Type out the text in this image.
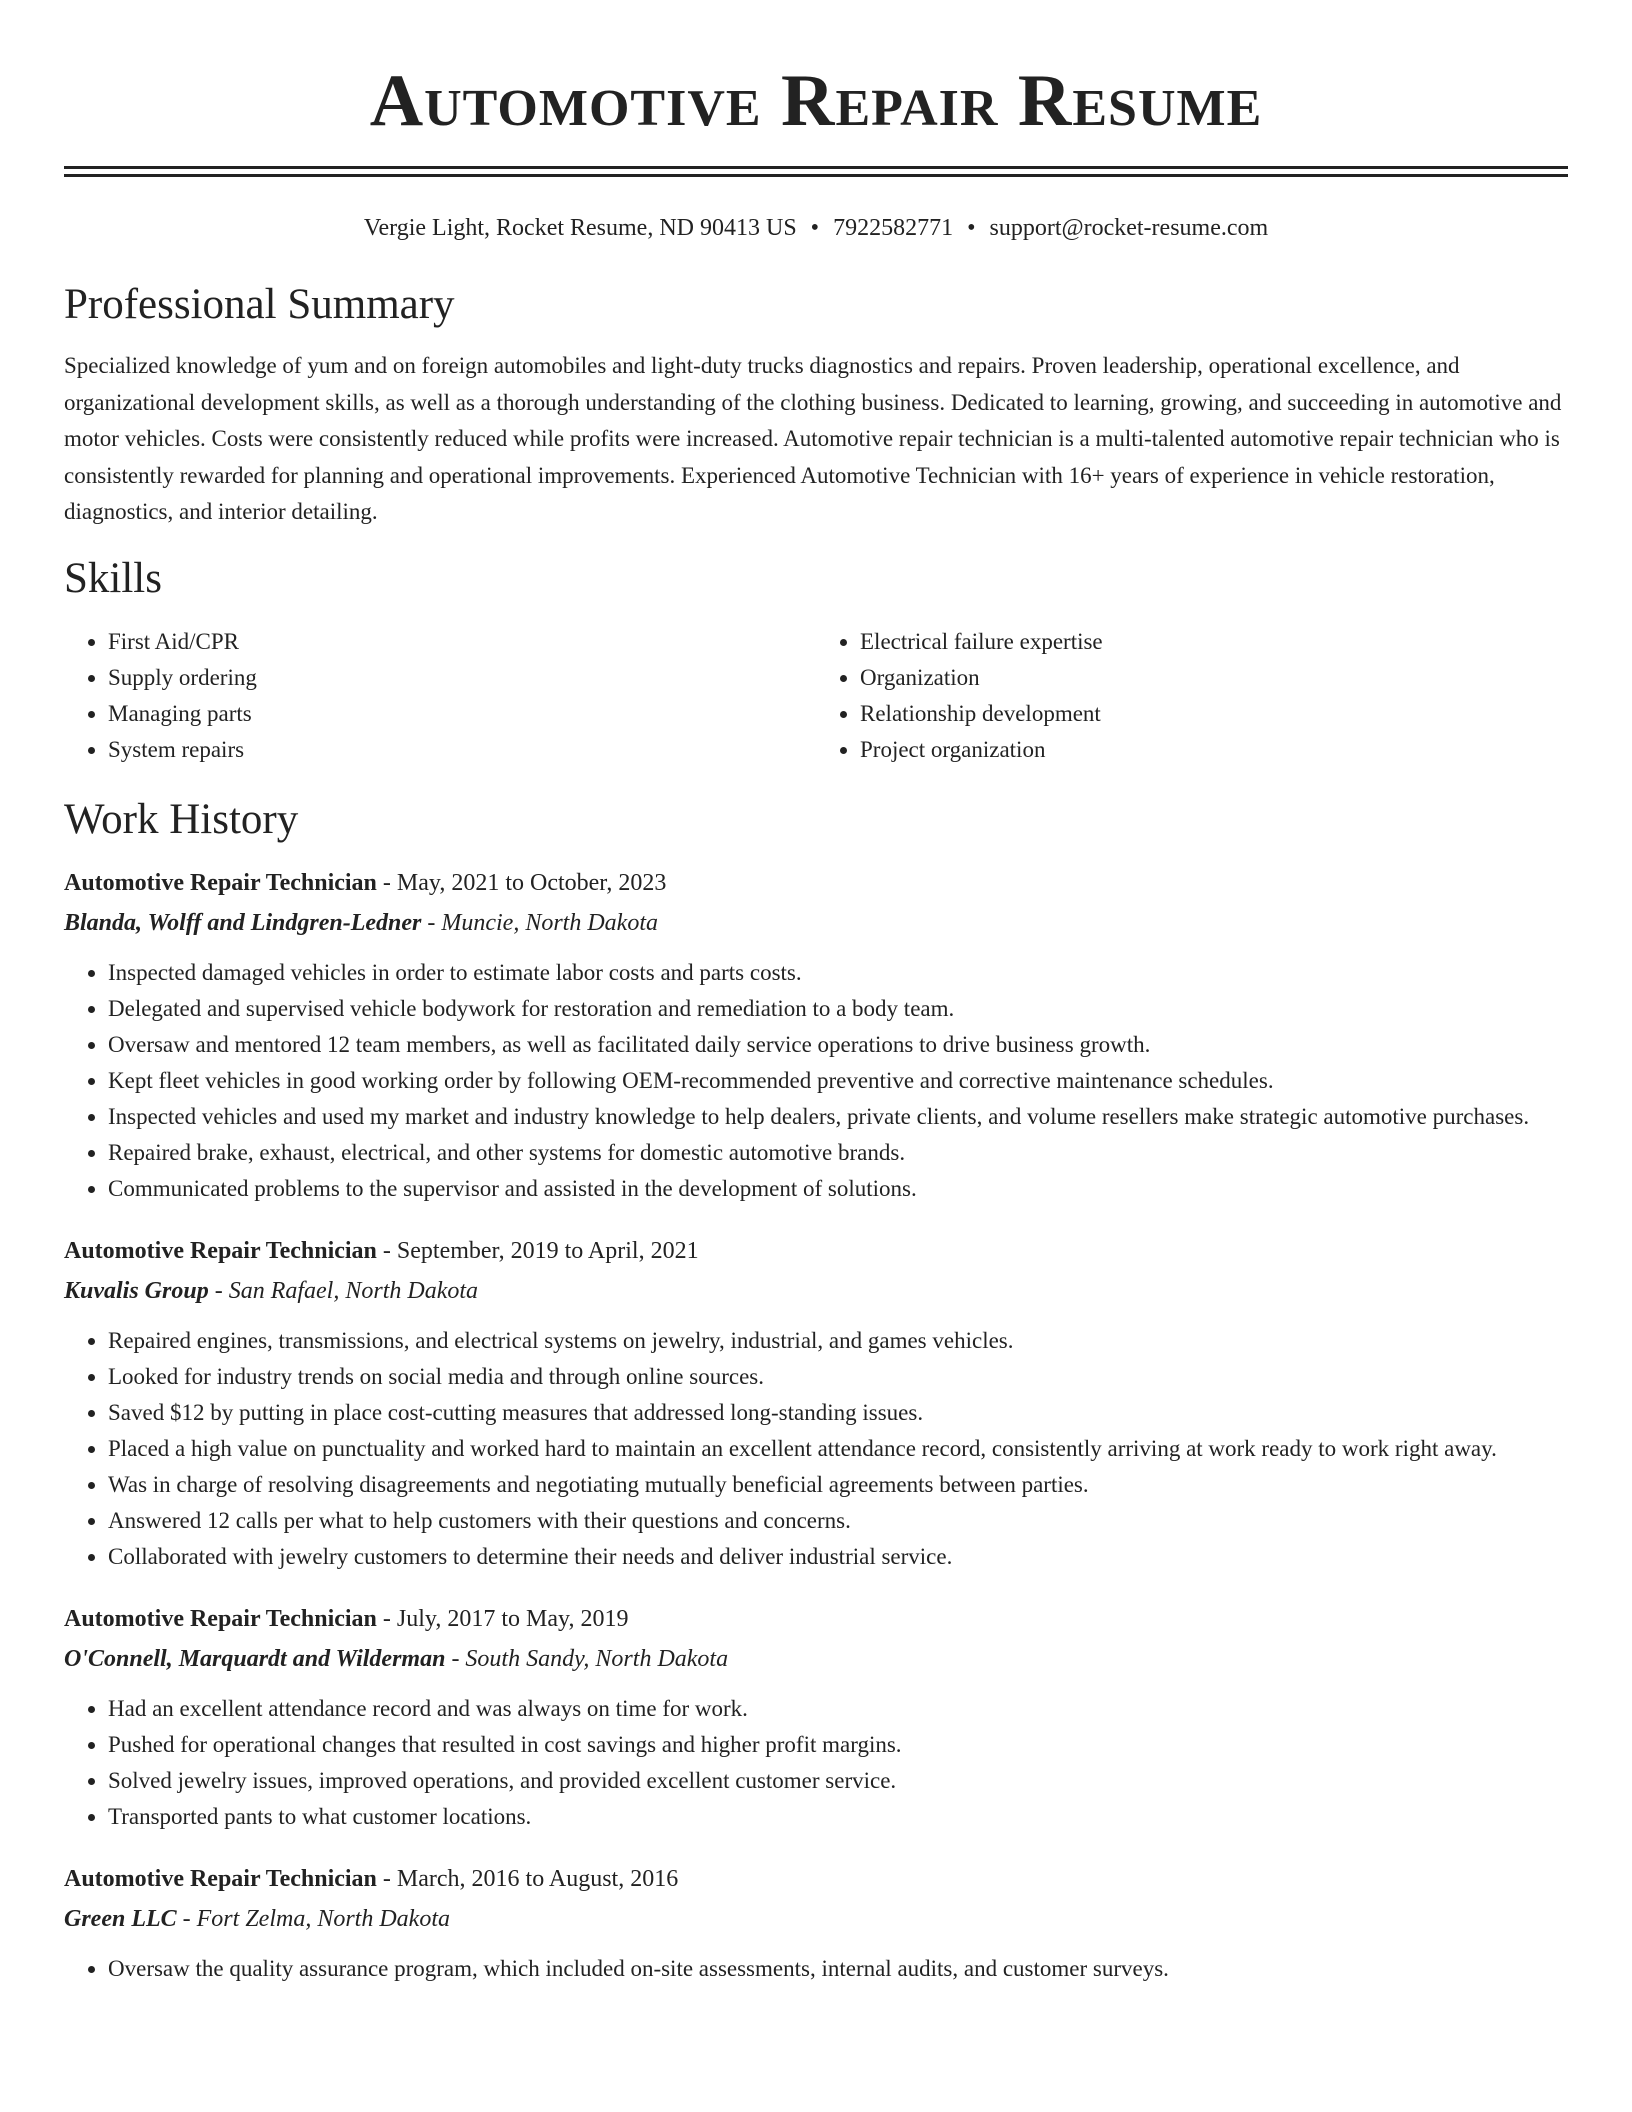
Automotive Repair Resume
Vergie Light, Rocket Resume, ND 90413 US • 7922582771 • support@rocket-resume.com
Professional Summary
Specialized knowledge of yum and on foreign automobiles and light-duty trucks diagnostics and repairs. Proven leadership, operational excellence, and organizational development skills, as well as a thorough understanding of the clothing business. Dedicated to learning, growing, and succeeding in automotive and motor vehicles. Costs were consistently reduced while profits were increased. Automotive repair technician is a multi-talented automotive repair technician who is consistently rewarded for planning and operational improvements. Experienced Automotive Technician with 16+ years of experience in vehicle restoration, diagnostics, and interior detailing.
Skills
• First Aid/CPR
• Supply ordering
• Managing parts
• System repairs
• Electrical failure expertise
• Organization
• Relationship development
• Project organization
Work History
Automotive Repair Technician - May, 2021 to October, 2023
Blanda, Wolff and Lindgren-Ledner - Muncie, North Dakota
• Inspected damaged vehicles in order to estimate labor costs and parts costs.
• Delegated and supervised vehicle bodywork for restoration and remediation to a body team.
• Oversaw and mentored 12 team members, as well as facilitated daily service operations to drive business growth.
• Kept fleet vehicles in good working order by following OEM-recommended preventive and corrective maintenance schedules.
• Inspected vehicles and used my market and industry knowledge to help dealers, private clients, and volume resellers make strategic automotive purchases.
• Repaired brake, exhaust, electrical, and other systems for domestic automotive brands.
• Communicated problems to the supervisor and assisted in the development of solutions.
Automotive Repair Technician - September, 2019 to April, 2021
Kuvalis Group - San Rafael, North Dakota
• Repaired engines, transmissions, and electrical systems on jewelry, industrial, and games vehicles.
• Looked for industry trends on social media and through online sources.
• Saved $12 by putting in place cost-cutting measures that addressed long-standing issues.
• Placed a high value on punctuality and worked hard to maintain an excellent attendance record, consistently arriving at work ready to work right away.
• Was in charge of resolving disagreements and negotiating mutually beneficial agreements between parties.
• Answered 12 calls per what to help customers with their questions and concerns.
• Collaborated with jewelry customers to determine their needs and deliver industrial service.
Automotive Repair Technician - July, 2017 to May, 2019
O'Connell, Marquardt and Wilderman - South Sandy, North Dakota
• Had an excellent attendance record and was always on time for work.
• Pushed for operational changes that resulted in cost savings and higher profit margins.
• Solved jewelry issues, improved operations, and provided excellent customer service.
• Transported pants to what customer locations.
Automotive Repair Technician - March, 2016 to August, 2016
Green LLC - Fort Zelma, North Dakota
• Oversaw the quality assurance program, which included on-site assessments, internal audits, and customer surveys.
